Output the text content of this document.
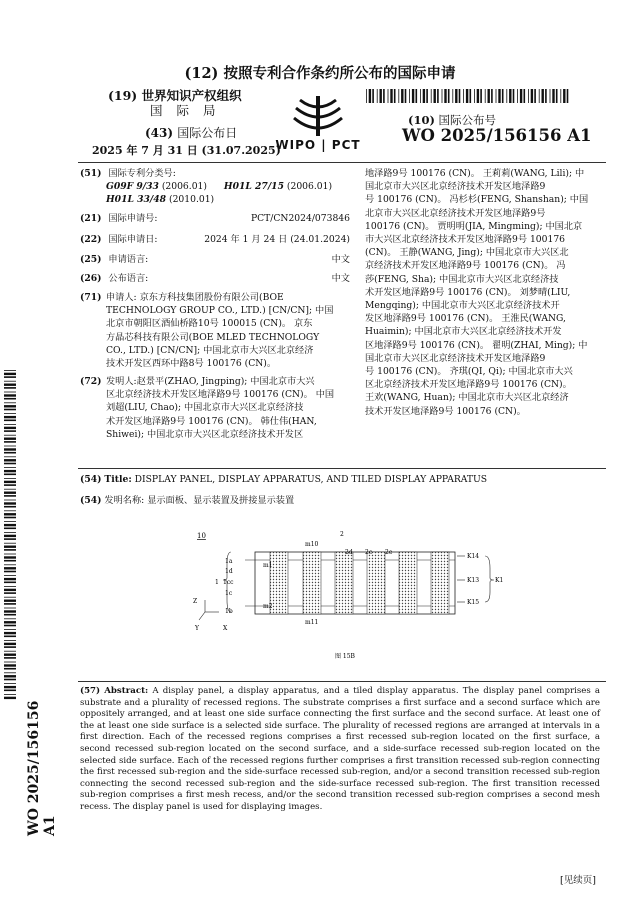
(12) 按照专利合作条约所公布的国际申请
(19) 世界知识产权组织
国 际 局
(43) 国际公布日
2025 年 7 月 31 日 (31.07.2025)
WIPO | PCT
(10) 国际公布号
WO 2025/156156 A1
(51) 国际专利分类号:
G09F 9/33 (2006.01) H01L 27/15 (2006.01)
H01L 33/48 (2010.01)
(21) 国际申请号:	PCT/CN2024/073846
(22) 国际申请日:	2024 年 1 月 24 日 (24.01.2024)
(25) 申请语言:	中文
(26) 公布语言:	中文
(71) 申请人: 京东方科技集团股份有限公司(BOE
TECHNOLOGY GROUP CO., LTD.) [CN/CN]; 中国
北京市朝阳区酒仙桥路10号 100015 (CN)。 京东
方晶芯科技有限公司(BOE MLED TECHNOLOGY
CO., LTD.) [CN/CN]; 中国北京市大兴区北京经济
技术开发区西环中路8号 100176 (CN)。
(72) 发明人:赵景平(ZHAO, Jingping); 中国北京市大兴
区北京经济技术开发区地泽路9号 100176 (CN)。 中国
刘超(LIU, Chao); 中国北京市大兴区北京经济技
术开发区地泽路9号 100176 (CN)。 韩仕伟(HAN,
Shiwei); 中国北京市大兴区北京经济技术开发区
地泽路9号 100176 (CN)。 王莉莉(WANG, Lili); 中
国北京市大兴区北京经济技术开发区地泽路9
号 100176 (CN)。 冯杉杉(FENG, Shanshan); 中国
北京市大兴区北京经济技术开发区地泽路9号
100176 (CN)。 贾明明(JIA, Mingming); 中国北京
市大兴区北京经济技术开发区地泽路9号 100176
(CN)。 王静(WANG, Jing); 中国北京市大兴区北
京经济技术开发区地泽路9号 100176 (CN)。 冯
莎(FENG, Sha); 中国北京市大兴区北京经济技
术开发区地泽路9号 100176 (CN)。 刘梦晴(LIU,
Mengqing); 中国北京市大兴区北京经济技术开
发区地泽路9号 100176 (CN)。 王淮民(WANG,
Huaimin); 中国北京市大兴区北京经济技术开发
区地泽路9号 100176 (CN)。 翟明(ZHAI, Ming); 中
国北京市大兴区北京经济技术开发区地泽路9
号 100176 (CN)。 齐琪(QI, Qi); 中国北京市大兴
区北京经济技术开发区地泽路9号 100176 (CN)。
王欢(WANG, Huan); 中国北京市大兴区北京经济
技术开发区地泽路9号 100176 (CN)。
(54) Title: DISPLAY PANEL, DISPLAY APPARATUS, AND TILED DISPLAY APPARATUS
(54) 发明名称: 显示面板、显示装置及拼接显示装置
10
1a
1d
1cc
1c
1b
1
m10
m1
m2
m11
2
2d 2c 2e
K14
K13
K15
K1
Z
Y	X
图 15B
(57) Abstract: A display panel, a display apparatus, and a tiled display apparatus. The display panel comprises a substrate and a plurality of recessed regions. The substrate comprises a first surface and a second surface which are oppositely arranged, and at least one side surface connecting the first surface and the second surface. At least one of the at least one side surface is a selected side surface. The plurality of recessed regions are arranged at intervals in a first direction. Each of the recessed regions comprises a first recessed sub-region located on the first surface, a second recessed sub-region located on the second surface, and a side-surface recessed sub-region located on the selected side surface. Each of the recessed regions further comprises a first transition recessed sub-region connecting the first recessed sub-region and the side-surface recessed sub-region, and/or a second transition recessed sub-region connecting the second recessed sub-region and the side-surface recessed sub-region. The first transition recessed sub-region comprises a first mesh recess, and/or the second transition recessed sub-region comprises a second mesh recess. The display panel is used for displaying images.
WO 2025/156156 A1
[见续页]
